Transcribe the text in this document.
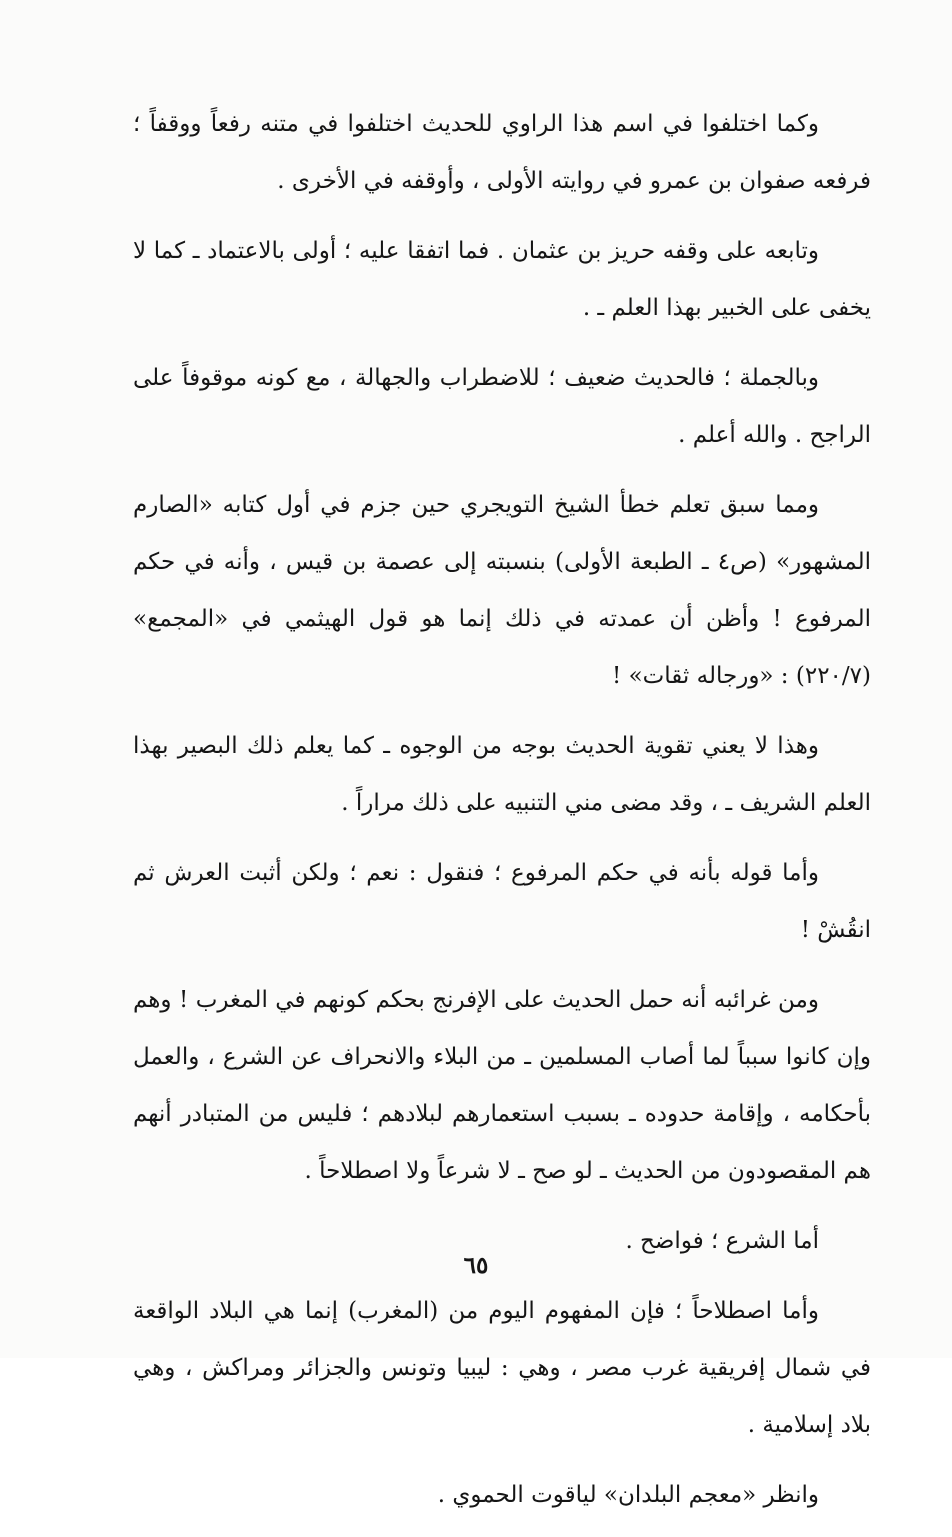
وكما اختلفوا في اسم هذا الراوي للحديث اختلفوا في متنه رفعاً ووقفاً ؛ فرفعه صفوان بن عمرو في روايته الأولى ، وأوقفه في الأخرى .

وتابعه على وقفه حريز بن عثمان . فما اتفقا عليه ؛ أولى بالاعتماد ـ كما لا يخفى على الخبير بهذا العلم ـ .

وبالجملة ؛ فالحديث ضعيف ؛ للاضطراب والجهالة ، مع كونه موقوفاً على الراجح . والله أعلم .

ومما سبق تعلم خطأ الشيخ التويجري حين جزم في أول كتابه «الصارم المشهور» (ص٤ ـ الطبعة الأولى) بنسبته إلى عصمة بن قيس ، وأنه في حكم المرفوع ! وأظن أن عمدته في ذلك إنما هو قول الهيثمي في «المجمع» (٢٢٠/٧) : «ورجاله ثقات» !

وهذا لا يعني تقوية الحديث بوجه من الوجوه ـ كما يعلم ذلك البصير بهذا العلم الشريف ـ ، وقد مضى مني التنبيه على ذلك مراراً .

وأما قوله بأنه في حكم المرفوع ؛ فنقول : نعم ؛ ولكن أثبت العرش ثم انقُشْ !

ومن غرائبه أنه حمل الحديث على الإفرنج بحكم كونهم في المغرب ! وهم وإن كانوا سبباً لما أصاب المسلمين ـ من البلاء والانحراف عن الشرع ، والعمل بأحكامه ، وإقامة حدوده ـ بسبب استعمارهم لبلادهم ؛ فليس من المتبادر أنهم هم المقصودون من الحديث ـ لو صح ـ لا شرعاً ولا اصطلاحاً .

أما الشرع ؛ فواضح .

وأما اصطلاحاً ؛ فإن المفهوم اليوم من (المغرب) إنما هي البلاد الواقعة في شمال إفريقية غرب مصر ، وهي : ليبيا وتونس والجزائر ومراكش ، وهي بلاد إسلامية .

وانظر «معجم البلدان» لياقوت الحموي .

٦٥
